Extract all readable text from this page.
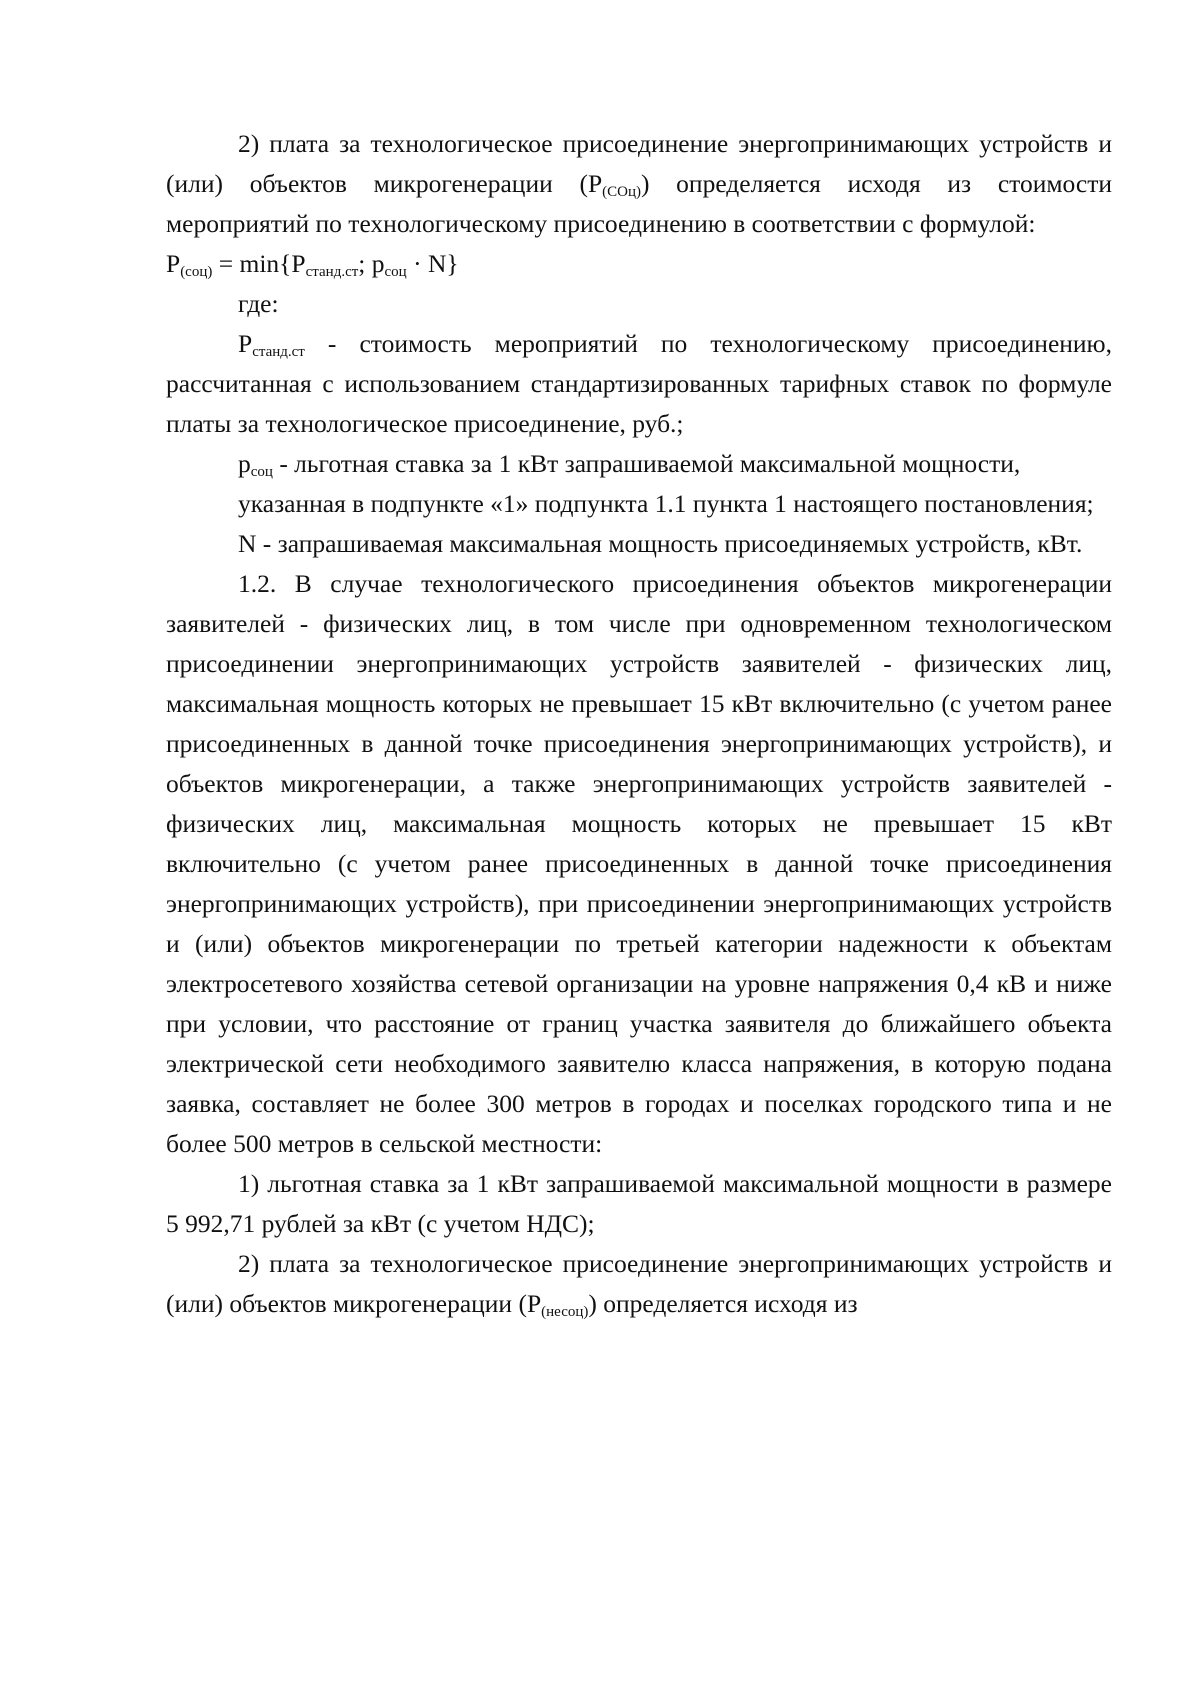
2) плата за технологическое присоединение энергопринимающих устройств и (или) объектов микрогенерации $(P_{(COц)})$ определяется исходя из стоимости мероприятий по технологическому присоединению в соответствии с формулой:

$P_{(соц)} = \min\{P_{станд.ст}$; $p_{соц} \cdot N$}

где:

$P_{станд.ст}$ - стоимость мероприятий по технологическому присоединению, рассчитанная с использованием стандартизированных тарифных ставок по формуле платы за технологическое присоединение, руб.;

$p_{соц}$ - льготная ставка за 1 кВт запрашиваемой максимальной мощности,

указанная в подпункте «1» подпункта 1.1 пункта 1 настоящего постановления;

N - запрашиваемая максимальная мощность присоединяемых устройств, кВт.

1.2. В случае технологического присоединения объектов микрогенерации заявителей - физических лиц, в том числе при одновременном технологическом присоединении энергопринимающих устройств заявителей - физических лиц, максимальная мощность которых не превышает 15 кВт включительно (с учетом ранее присоединенных в данной точке присоединения энергопринимающих устройств), и объектов микрогенерации, а также энергопринимающих устройств заявителей - физических лиц, максимальная мощность которых не превышает 15 кВт включительно (с учетом ранее присоединенных в данной точке присоединения энергопринимающих устройств), при присоединении энергопринимающих устройств и (или) объектов микрогенерации по третьей категории надежности к объектам электросетевого хозяйства сетевой организации на уровне напряжения 0,4 кВ и ниже при условии, что расстояние от границ участка заявителя до ближайшего объекта электрической сети необходимого заявителю класса напряжения, в которую подана заявка, составляет не более 300 метров в городах и поселках городского типа и не более 500 метров в сельской местности:

1) льготная ставка за 1 кВт запрашиваемой максимальной мощности в размере 5 992,71 рублей за кВт (с учетом НДС);

2) плата за технологическое присоединение энергопринимающих устройств и (или) объектов микрогенерации $(P_{(несоц)})$ определяется исходя из
